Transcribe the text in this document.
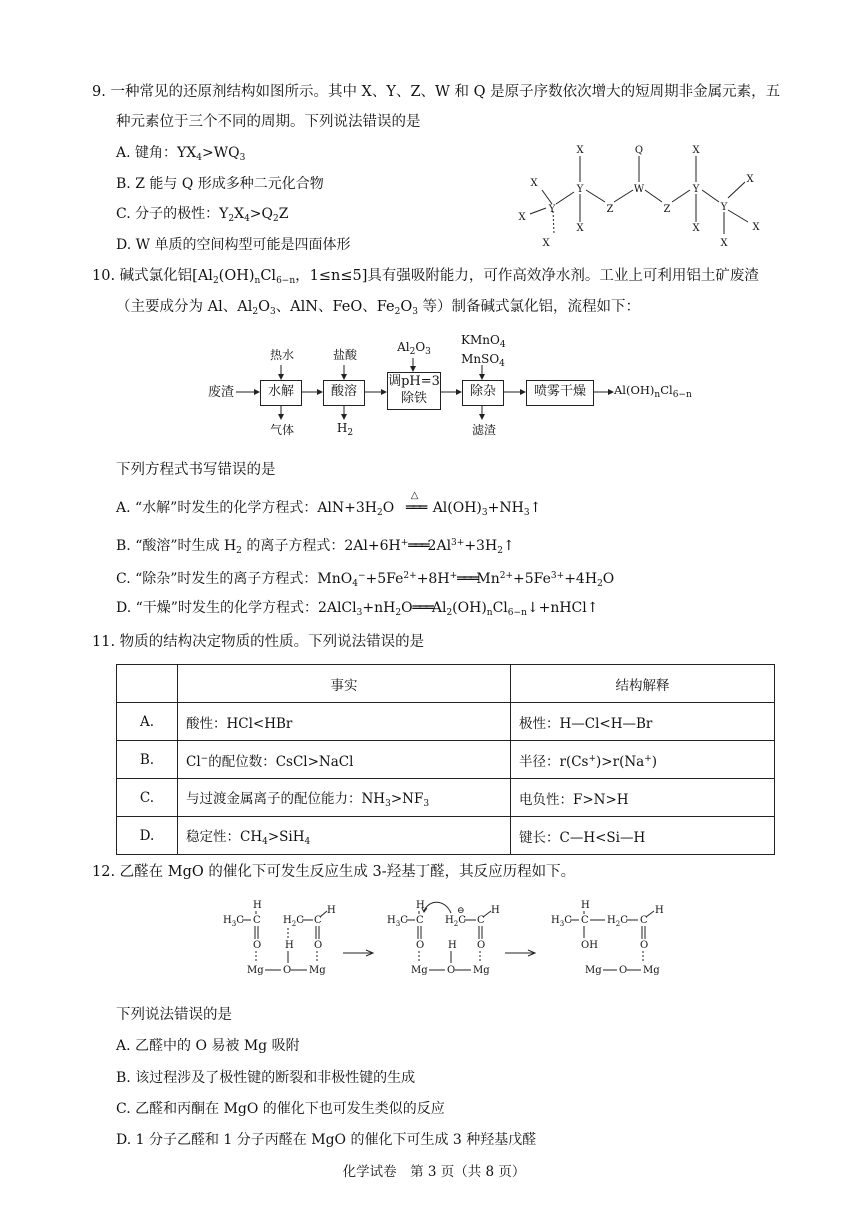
9. 一种常见的还原剂结构如图所示。其中 X、Y、Z、W 和 Q 是原子序数依次增大的短周期非金属元素，五
种元素位于三个不同的周期。下列说法错误的是
A. 键角：$YX_4>WQ_3$
B. Z 能与 Q 形成多种二元化合物
C. 分子的极性：$Y_2X_4>Q_2Z$
D. W 单质的空间构型可能是四面体形
X
X
Y
X
X
Y
X
Z
Q
W
Z
X
Y
X
Y
X
X
X
10. 碱式氯化铝[$Al_2(OH)_nCl_{6-n}$，1≤n≤5]具有强吸附能力，可作高效净水剂。工业上可利用铝土矿废渣
（主要成分为 Al、$Al_2O_3$、AlN、FeO、$Fe_2O_3$ 等）制备碱式氯化铝，流程如下：
废渣	水解	酸溶
调pH=3
除铁	除杂	喷雾干燥
热水	盐酸
$Al_2O_3$
KMnO$_4$
MnSO$_4$
气体	$H_2$	滤渣
$Al(OH)_nCl_{6-n}$
下列方程式书写错误的是
A. “水解”时发生的化学方程式：$AlN+3H_2O$
△
═══ $Al(OH)_3+NH_3↑$
B. “酸溶”时生成 $H_2$ 的离子方程式：$2Al+6H^+═══2Al^{3+}+3H_2↑$
C. “除杂”时发生的离子方程式：$MnO_4^-+5Fe^{2+}+8H^+═══Mn^{2+}+5Fe^{3+}+4H_2O$
D. “干燥”时发生的化学方程式：$2AlCl_3+nH_2O═══Al_2(OH)_nCl_{6-n}↓+nHCl↑$
11. 物质的结构决定物质的性质。下列说法错误的是
	事实	结构解释
A.	酸性：HCl<HBr	极性：H—Cl<H—Br
B.	Cl−的配位数：CsCl>NaCl	半径：r(Cs+)>r(Na+)
C.	与过渡金属离子的配位能力：$NH_3>NF_3$	电负性：F>N>H
D.	稳定性：$CH_4>SiH_4$	键长：C—H<Si—H
12. 乙醛在 MgO 的催化下可发生反应生成 3-羟基丁醛，其反应历程如下。
$H_3C$
H
C
O
$H_2C$ C
H
H O
Mg O Mg
$H_3C$
H
C
O
$H_2C$
⊖
C
H
H O
Mg O Mg
$H_3C$
H
C
OH
$H_2C$ C
H
O
Mg O Mg
下列说法错误的是
A. 乙醛中的 O 易被 Mg 吸附
B. 该过程涉及了极性键的断裂和非极性键的生成
C. 乙醛和丙酮在 MgO 的催化下也可发生类似的反应
D. 1 分子乙醛和 1 分子丙醛在 MgO 的催化下可生成 3 种羟基戊醛
化学试卷　第 3 页（共 8 页）
